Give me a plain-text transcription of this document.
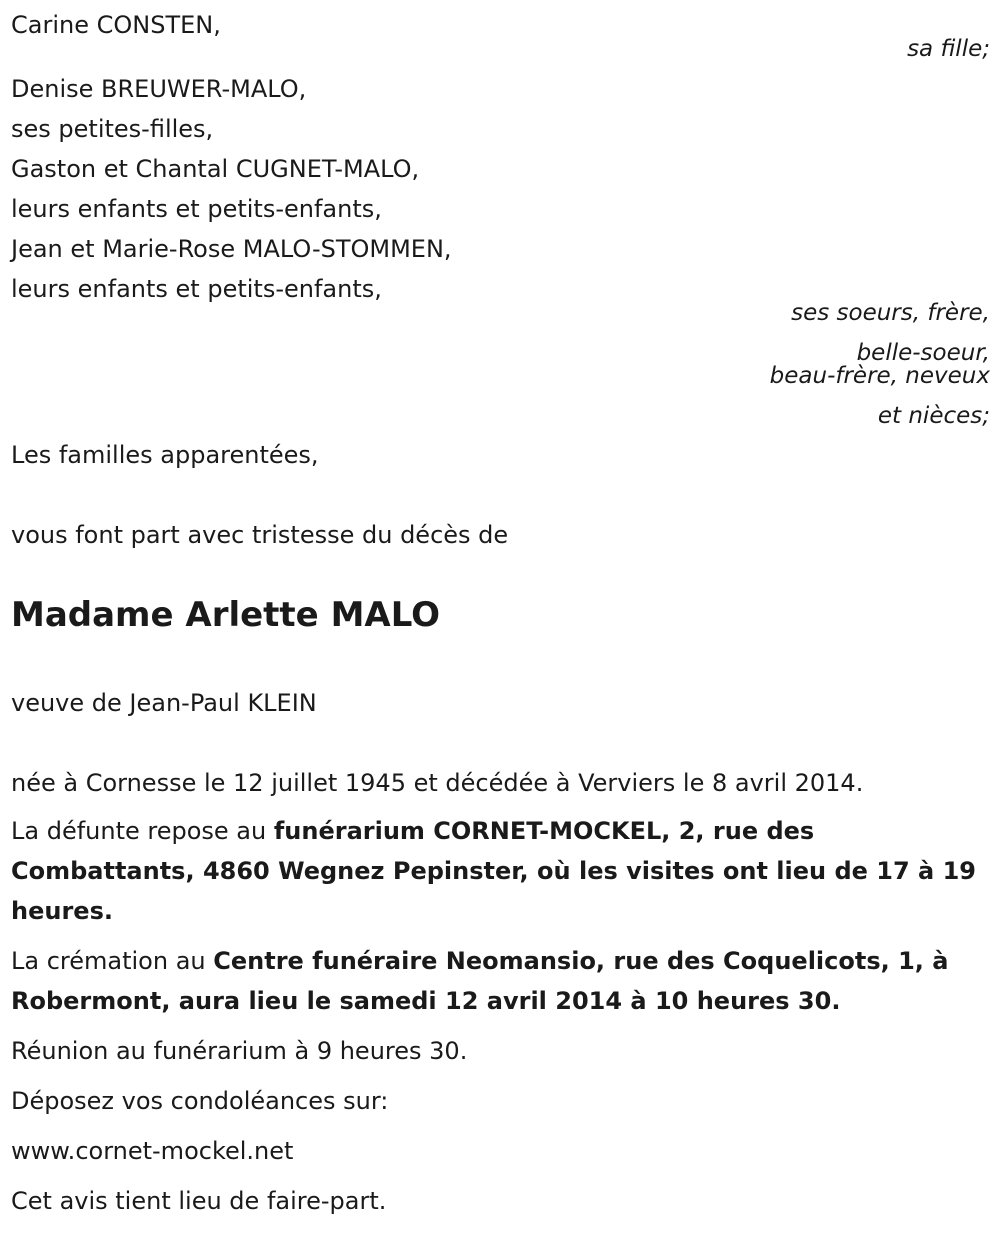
Carine CONSTEN,
sa fille;
Denise BREUWER-MALO,
ses petites-filles,
Gaston et Chantal CUGNET-MALO,
leurs enfants et petits-enfants,
Jean et Marie-Rose MALO-STOMMEN,
leurs enfants et petits-enfants,
ses soeurs, frère,
belle-soeur,
beau-frère, neveux
et nièces;
Les familles apparentées,
vous font part avec tristesse du décès de
Madame Arlette MALO
veuve de Jean-Paul KLEIN
née à Cornesse le 12 juillet 1945 et décédée à Verviers le 8 avril 2014.
La défunte repose au funérarium CORNET-MOCKEL, 2, rue des Combattants, 4860 Wegnez Pepinster, où les visites ont lieu de 17 à 19 heures.
La crémation au Centre funéraire Neomansio, rue des Coquelicots, 1, à Robermont, aura lieu le samedi 12 avril 2014 à 10 heures 30.
Réunion au funérarium à 9 heures 30.
Déposez vos condoléances sur:
www.cornet-mockel.net
Cet avis tient lieu de faire-part.
